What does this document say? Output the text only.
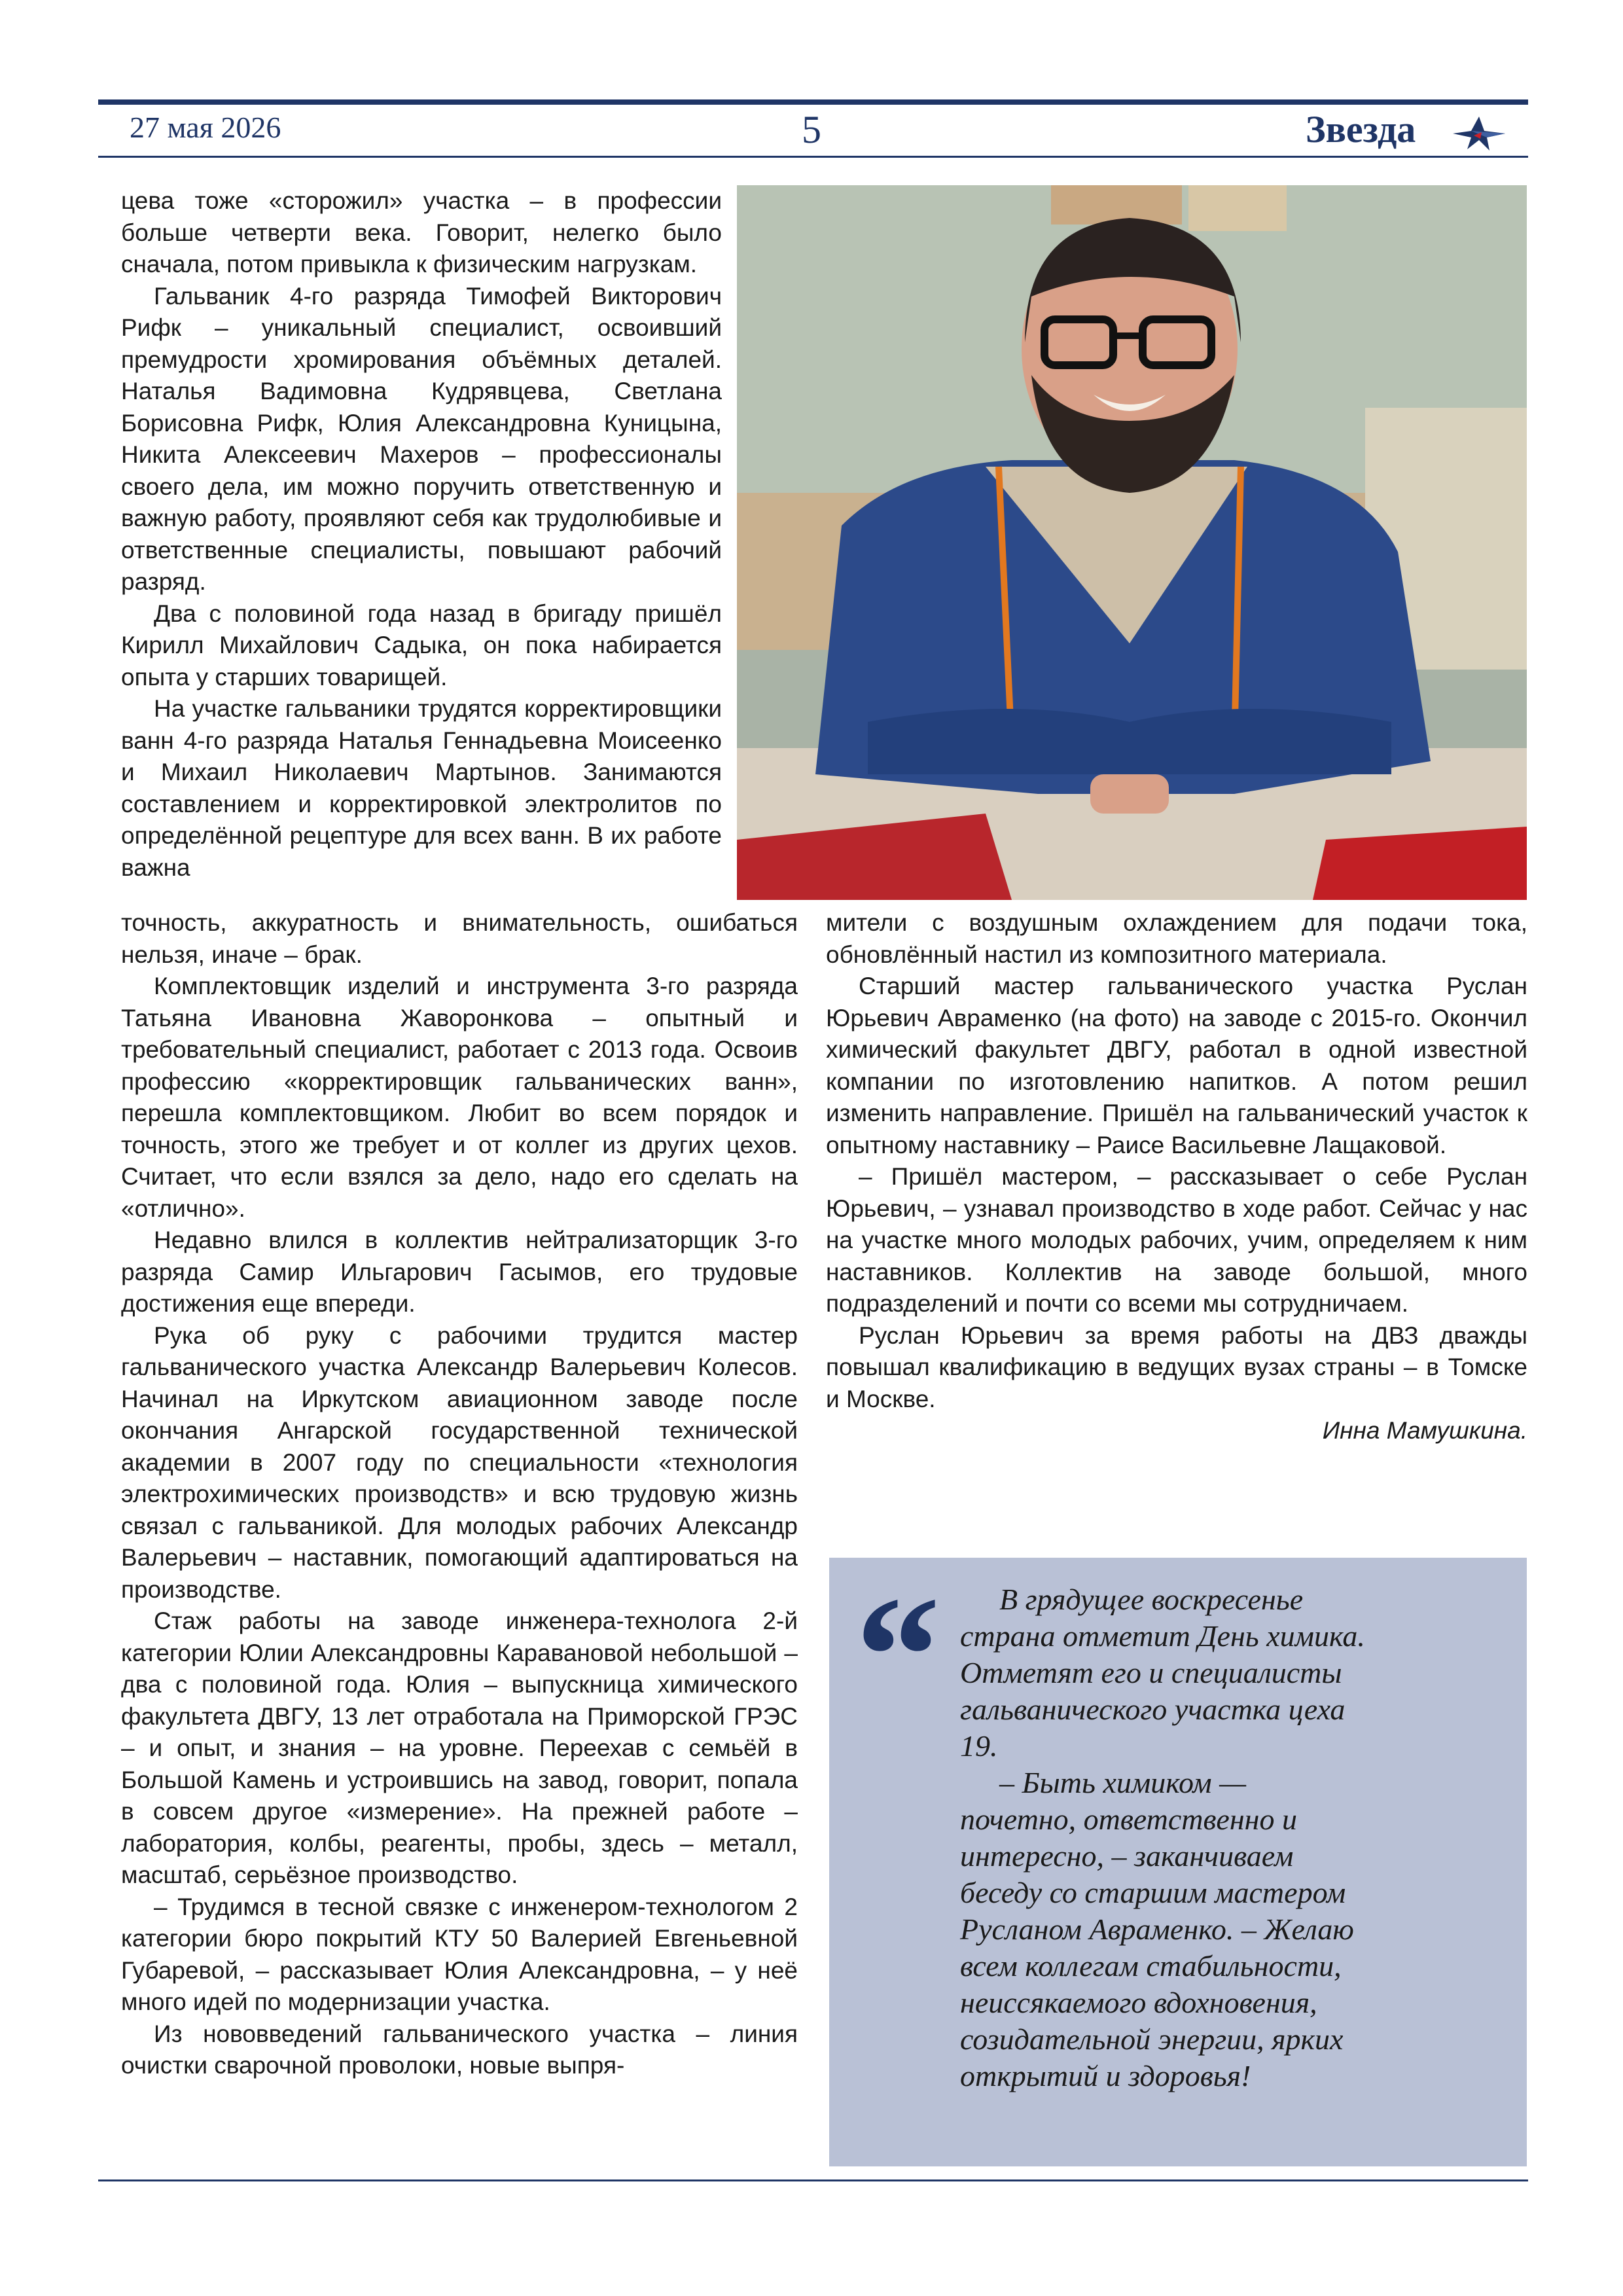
27 мая 2026	5	Звезда

цева тоже «сторожил» участка – в профессии больше четверти века. Говорит, нелегко было сначала, потом привыкла к физическим нагрузкам.

Гальваник 4-го разряда Тимофей Викторович Рифк – уникальный специалист, освоивший премудрости хромирования объёмных деталей. Наталья Вадимовна Кудрявцева, Светлана Борисовна Рифк, Юлия Александровна Куницына, Никита Алексеевич Махеров – профессионалы своего дела, им можно поручить ответственную и важную работу, проявляют себя как трудолюбивые и ответственные специалисты, повышают рабочий разряд.

Два с половиной года назад в бригаду пришёл Кирилл Михайлович Садыка, он пока набирается опыта у старших товарищей.

На участке гальваники трудятся корректировщики ванн 4-го разряда Наталья Геннадьевна Моисеенко и Михаил Николаевич Мартынов. Занимаются составлением и корректировкой электролитов по определённой рецептуре для всех ванн. В их работе важна

точность, аккуратность и внимательность, ошибаться нельзя, иначе – брак.

Комплектовщик изделий и инструмента 3-го разряда Татьяна Ивановна Жаворонкова – опытный и требовательный специалист, работает с 2013 года. Освоив профессию «корректировщик гальванических ванн», перешла комплектовщиком. Любит во всем порядок и точность, этого же требует и от коллег из других цехов. Считает, что если взялся за дело, надо его сделать на «отлично».

Недавно влился в коллектив нейтрализаторщик 3-го разряда Самир Ильгарович Гасымов, его трудовые достижения еще впереди.

Рука об руку с рабочими трудится мастер гальванического участка Александр Валерьевич Колесов. Начинал на Иркутском авиационном заводе после окончания Ангарской государственной технической академии в 2007 году по специальности «технология электрохимических производств» и всю трудовую жизнь связал с гальваникой. Для молодых рабочих Александр Валерьевич – наставник, помогающий адаптироваться на производстве.

Стаж работы на заводе инженера-технолога 2-й категории Юлии Александровны Каравановой небольшой – два с половиной года. Юлия – выпускница химического факультета ДВГУ, 13 лет отработала на Приморской ГРЭС – и опыт, и знания – на уровне. Переехав с семьёй в Большой Камень и устроившись на завод, говорит, попала в совсем другое «измерение». На прежней работе – лаборатория, колбы, реагенты, пробы, здесь – металл, масштаб, серьёзное производство.

– Трудимся в тесной связке с инженером-технологом 2 категории бюро покрытий КТУ 50 Валерией Евгеньевной Губаревой, – рассказывает Юлия Александровна, – у неё много идей по модернизации участка.

Из нововведений гальванического участка – линия очистки сварочной проволоки, новые выпря-

мители с воздушным охлаждением для подачи тока, обновлённый настил из композитного материала.

Старший мастер гальванического участка Руслан Юрьевич Авраменко (на фото) на заводе с 2015-го. Окончил химический факультет ДВГУ, работал в одной известной компании по изготовлению напитков. А потом решил изменить направление. Пришёл на гальванический участок к опытному наставнику – Раисе Васильевне Лащаковой.

– Пришёл мастером, – рассказывает о себе Руслан Юрьевич, – узнавал производство в ходе работ. Сейчас у нас на участке много молодых рабочих, учим, определяем к ним наставников. Коллектив на заводе большой, много подразделений и почти со всеми мы сотрудничаем.

Руслан Юрьевич за время работы на ДВЗ дважды повышал квалификацию в ведущих вузах страны – в Томске и Москве.

Инна Мамушкина.

“	В грядущее воскресенье страна отметит День химика. Отметят его и специалисты гальванического участка цеха 19.

– Быть химиком — почетно, ответственно и интересно, – заканчиваем беседу со старшим мастером Русланом Авраменко. – Желаю всем коллегам стабильности, неиссякаемого вдохновения, созидательной энергии, ярких открытий и здоровья!
